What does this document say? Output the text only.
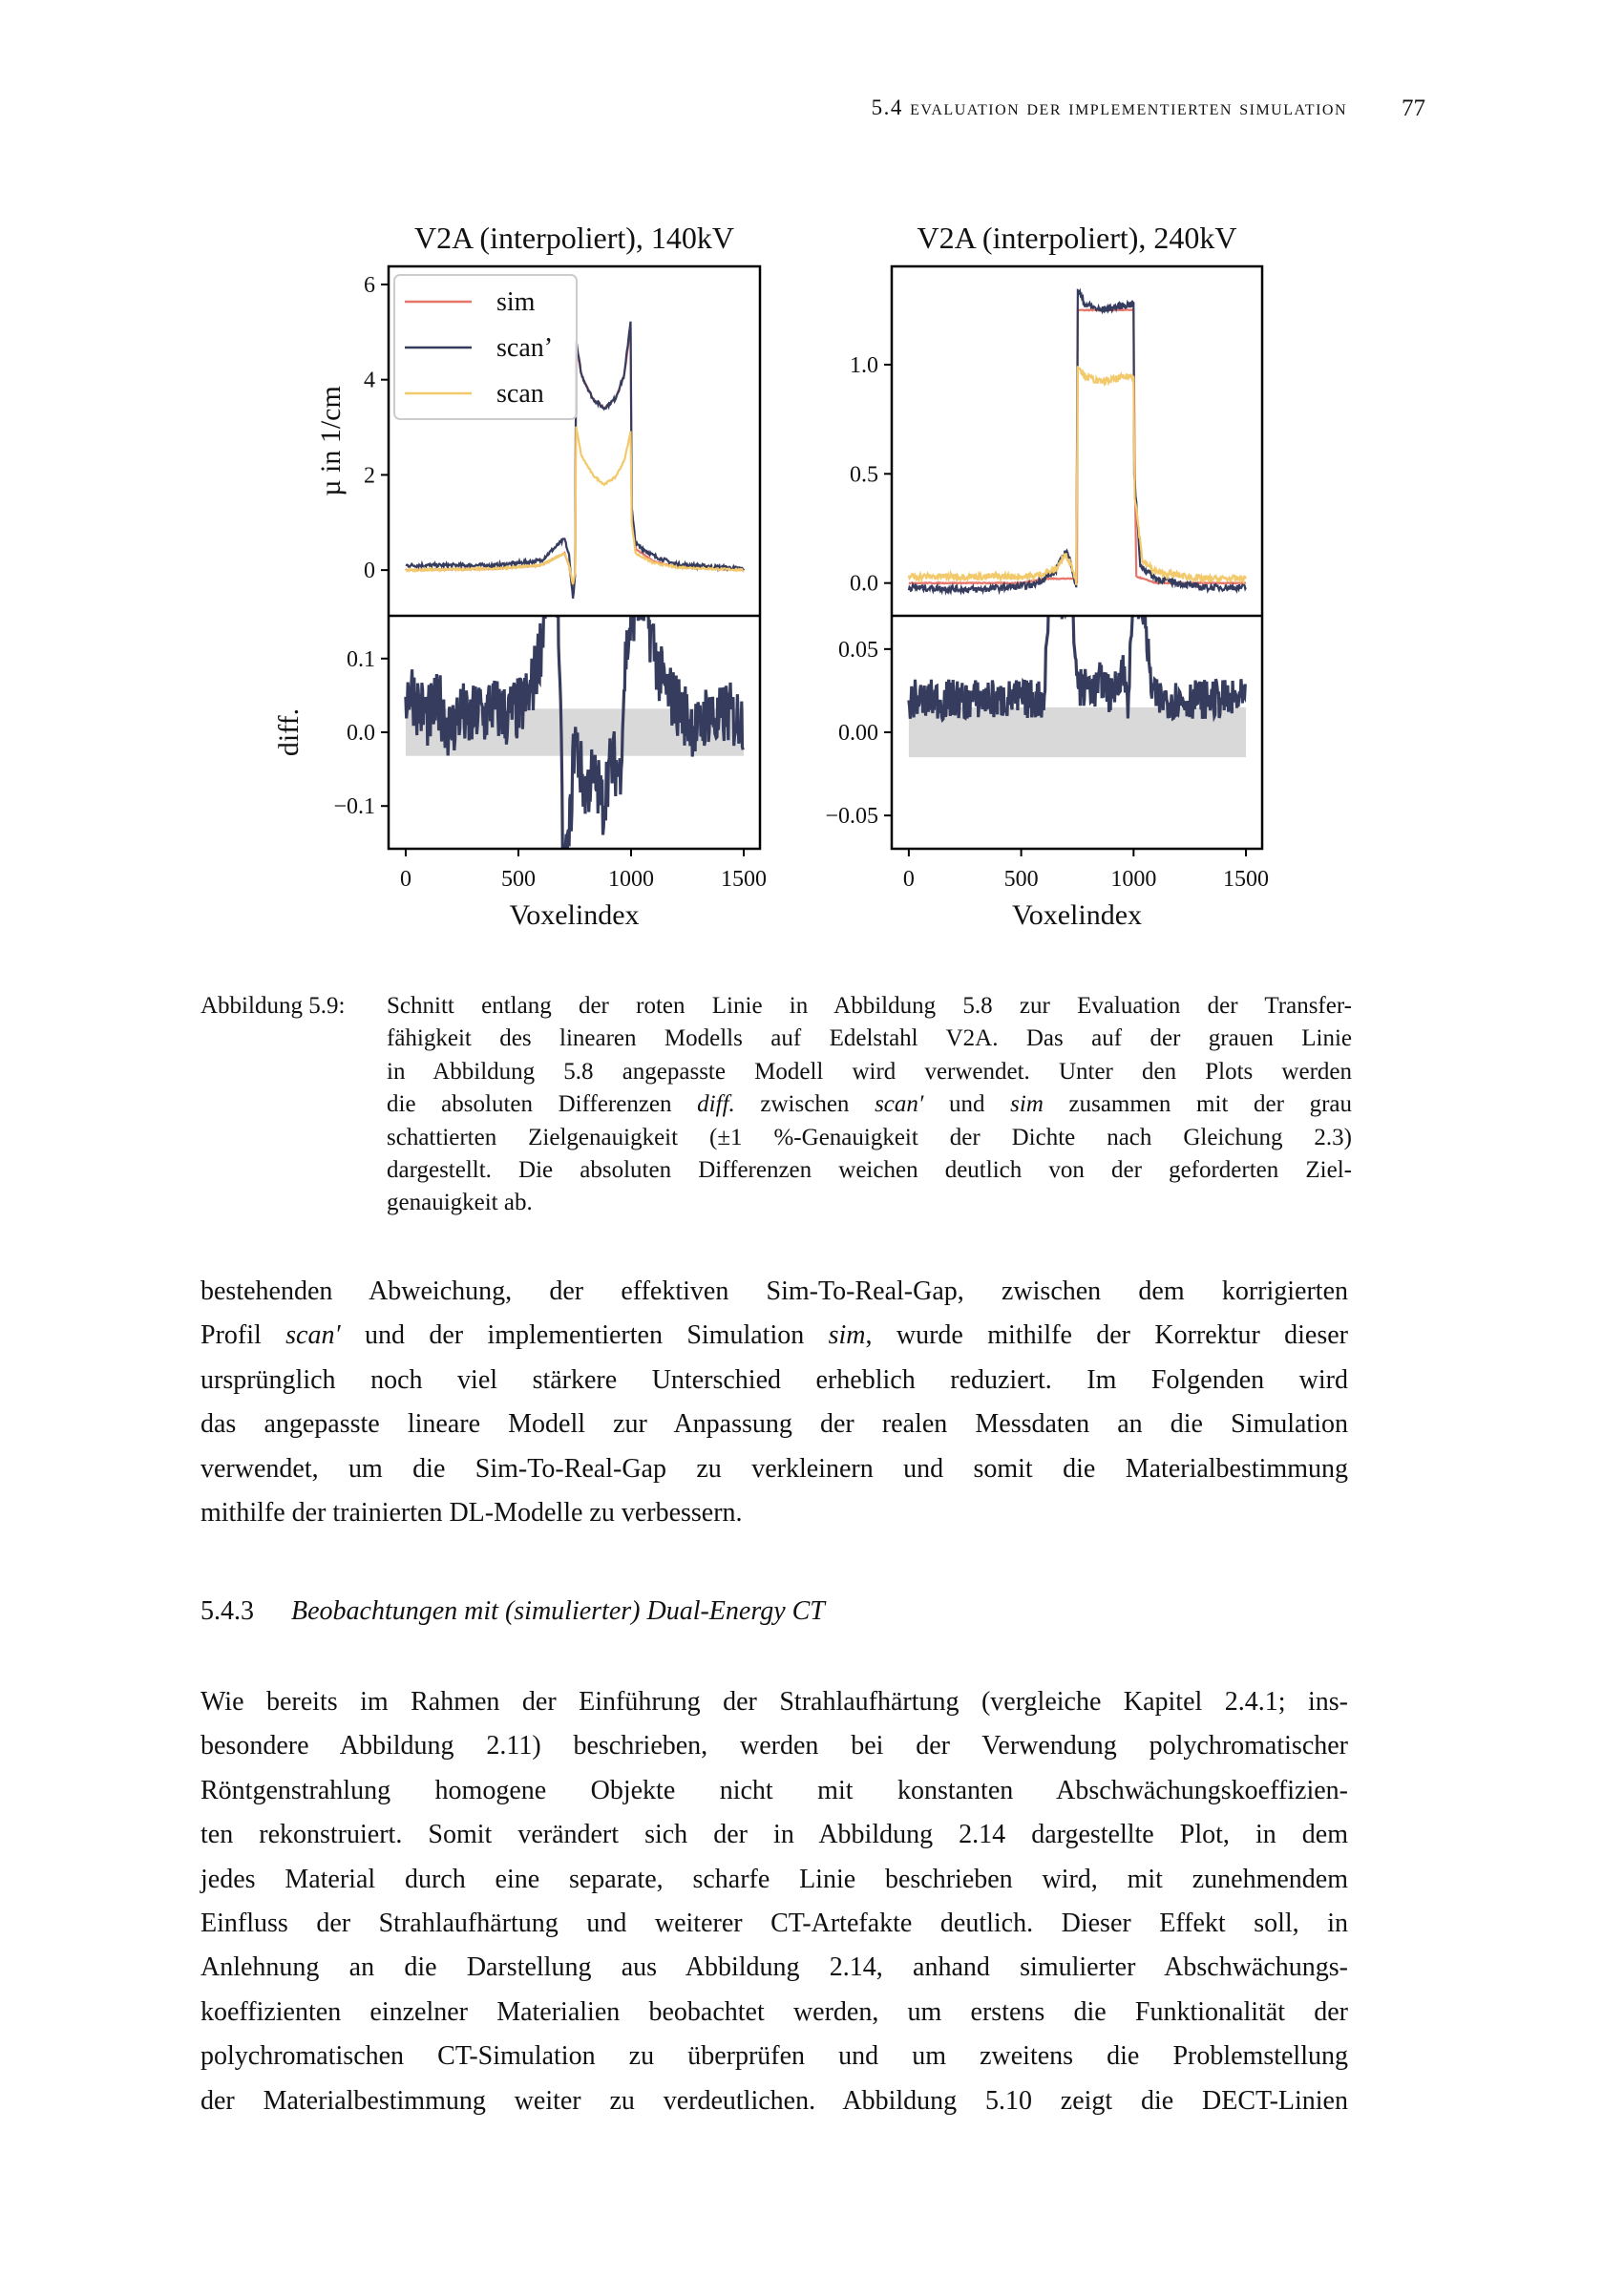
5.4 evaluation der implementierten simulation 77
0
2
4
6
0.1
0.0
−0.1
0	500	1000	1500
V2A (interpoliert), 140kV
Voxelindex
µ in 1/cm
diff.
sim
scan’
scan
0.0
0.5
1.0
0.05
0.00
−0.05
0	500	1000	1500
V2A (interpoliert), 240kV
Voxelindex
Abbildung 5.9: Schnitt entlang der roten Linie in Abbildung 5.8 zur Evaluation der Transfer-
fähigkeit des linearen Modells auf Edelstahl V2A. Das auf der grauen Linie
in Abbildung 5.8 angepasste Modell wird verwendet. Unter den Plots werden
die absoluten Differenzen diff. zwischen scan′ und sim zusammen mit der grau
schattierten Zielgenauigkeit (±1 %-Genauigkeit der Dichte nach Gleichung 2.3)
dargestellt. Die absoluten Differenzen weichen deutlich von der geforderten Ziel-
genauigkeit ab.
bestehenden Abweichung, der effektiven Sim-To-Real-Gap, zwischen dem korrigierten
Profil scan′ und der implementierten Simulation sim, wurde mithilfe der Korrektur dieser
ursprünglich noch viel stärkere Unterschied erheblich reduziert. Im Folgenden wird
das angepasste lineare Modell zur Anpassung der realen Messdaten an die Simulation
verwendet, um die Sim-To-Real-Gap zu verkleinern und somit die Materialbestimmung
mithilfe der trainierten DL-Modelle zu verbessern.
5.4.3 Beobachtungen mit (simulierter) Dual-Energy CT
Wie bereits im Rahmen der Einführung der Strahlaufhärtung (vergleiche Kapitel 2.4.1; ins-
besondere Abbildung 2.11) beschrieben, werden bei der Verwendung polychromatischer
Röntgenstrahlung homogene Objekte nicht mit konstanten Abschwächungskoeffizien-
ten rekonstruiert. Somit verändert sich der in Abbildung 2.14 dargestellte Plot, in dem
jedes Material durch eine separate, scharfe Linie beschrieben wird, mit zunehmendem
Einfluss der Strahlaufhärtung und weiterer CT-Artefakte deutlich. Dieser Effekt soll, in
Anlehnung an die Darstellung aus Abbildung 2.14, anhand simulierter Abschwächungs-
koeffizienten einzelner Materialien beobachtet werden, um erstens die Funktionalität der
polychromatischen CT-Simulation zu überprüfen und um zweitens die Problemstellung
der Materialbestimmung weiter zu verdeutlichen. Abbildung 5.10 zeigt die DECT-Linien
